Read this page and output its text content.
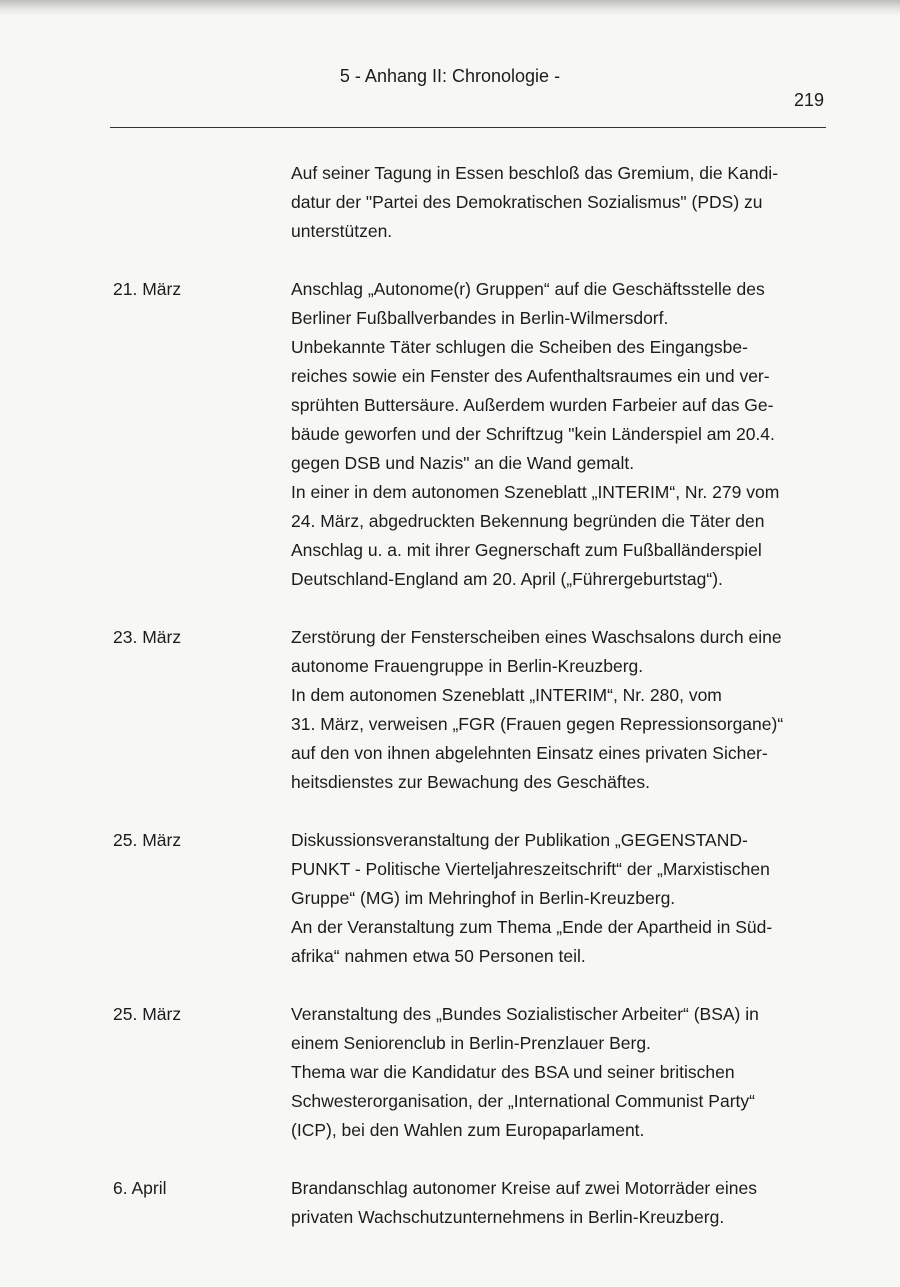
5 - Anhang II: Chronologie -
219

Auf seiner Tagung in Essen beschloß das Gremium, die Kandi-

datur der "Partei des Demokratischen Sozialismus" (PDS) zu

unterstützen.

21. März	Anschlag „Autonome(r) Gruppen“ auf die Geschäftsstelle des

Berliner Fußballverbandes in Berlin-Wilmersdorf.

Unbekannte Täter schlugen die Scheiben des Eingangsbe-

reiches sowie ein Fenster des Aufenthaltsraumes ein und ver-

sprühten Buttersäure. Außerdem wurden Farbeier auf das Ge-

bäude geworfen und der Schriftzug "kein Länderspiel am 20.4.

gegen DSB und Nazis" an die Wand gemalt.

In einer in dem autonomen Szeneblatt „INTERIM“, Nr. 279 vom

24. März, abgedruckten Bekennung begründen die Täter den

Anschlag u. a. mit ihrer Gegnerschaft zum Fußballänderspiel

Deutschland-England am 20. April („Führergeburtstag“).

23. März	Zerstörung der Fensterscheiben eines Waschsalons durch eine

autonome Frauengruppe in Berlin-Kreuzberg.

In dem autonomen Szeneblatt „INTERIM“, Nr. 280, vom

31. März, verweisen „FGR (Frauen gegen Repressionsorgane)“

auf den von ihnen abgelehnten Einsatz eines privaten Sicher-

heitsdienstes zur Bewachung des Geschäftes.

25. März	Diskussionsveranstaltung der Publikation „GEGENSTAND-

PUNKT - Politische Vierteljahreszeitschrift“ der „Marxistischen

Gruppe“ (MG) im Mehringhof in Berlin-Kreuzberg.

An der Veranstaltung zum Thema „Ende der Apartheid in Süd-

afrika“ nahmen etwa 50 Personen teil.

25. März	Veranstaltung des „Bundes Sozialistischer Arbeiter“ (BSA) in

einem Seniorenclub in Berlin-Prenzlauer Berg.

Thema war die Kandidatur des BSA und seiner britischen

Schwesterorganisation, der „International Communist Party“

(ICP), bei den Wahlen zum Europaparlament.

6. April	Brandanschlag autonomer Kreise auf zwei Motorräder eines

privaten Wachschutzunternehmens in Berlin-Kreuzberg.
